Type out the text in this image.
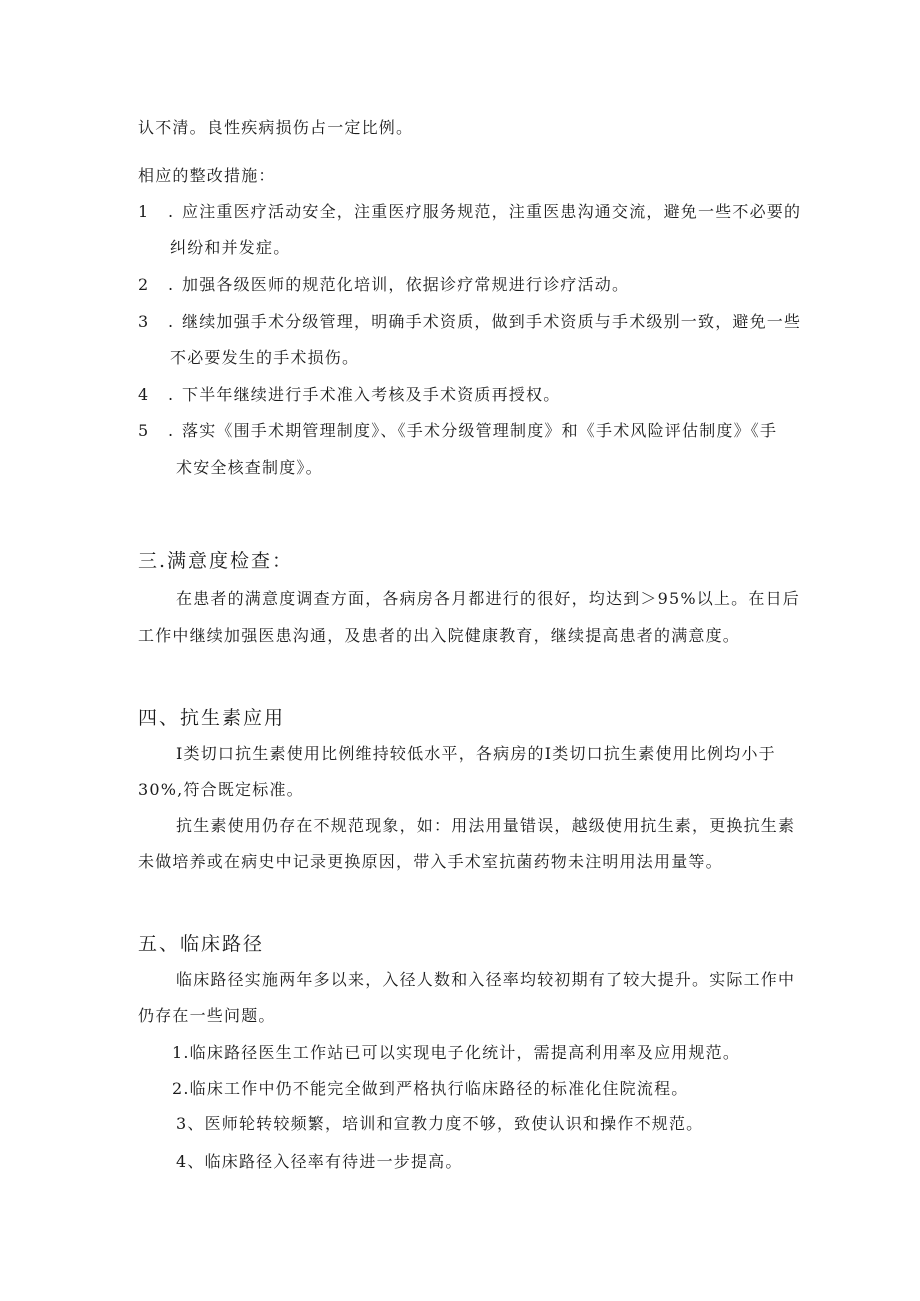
认不清。良性疾病损伤占一定比例。
相应的整改措施：
1 . 应注重医疗活动安全，注重医疗服务规范，注重医患沟通交流，避免一些不必要的
纠纷和并发症。
2 . 加强各级医师的规范化培训，依据诊疗常规进行诊疗活动。
3 . 继续加强手术分级管理，明确手术资质，做到手术资质与手术级别一致，避免一些
不必要发生的手术损伤。
4 . 下半年继续进行手术准入考核及手术资质再授权。
5 . 落实《围手术期管理制度》、《手术分级管理制度》和《手术风险评估制度》《手
术安全核查制度》。
三.满意度检查：
在患者的满意度调查方面，各病房各月都进行的很好，均达到＞95%以上。在日后
工作中继续加强医患沟通，及患者的出入院健康教育，继续提高患者的满意度。
四、抗生素应用
I类切口抗生素使用比例维持较低水平，各病房的I类切口抗生素使用比例均小于
30%,符合既定标准。
抗生素使用仍存在不规范现象，如：用法用量错误，越级使用抗生素，更换抗生素
未做培养或在病史中记录更换原因，带入手术室抗菌药物未注明用法用量等。
五、临床路径
临床路径实施两年多以来，入径人数和入径率均较初期有了较大提升。实际工作中
仍存在一些问题。
1.临床路径医生工作站已可以实现电子化统计，需提高利用率及应用规范。
2.临床工作中仍不能完全做到严格执行临床路径的标准化住院流程。
3、医师轮转较频繁，培训和宣教力度不够，致使认识和操作不规范。
4、临床路径入径率有待进一步提高。
